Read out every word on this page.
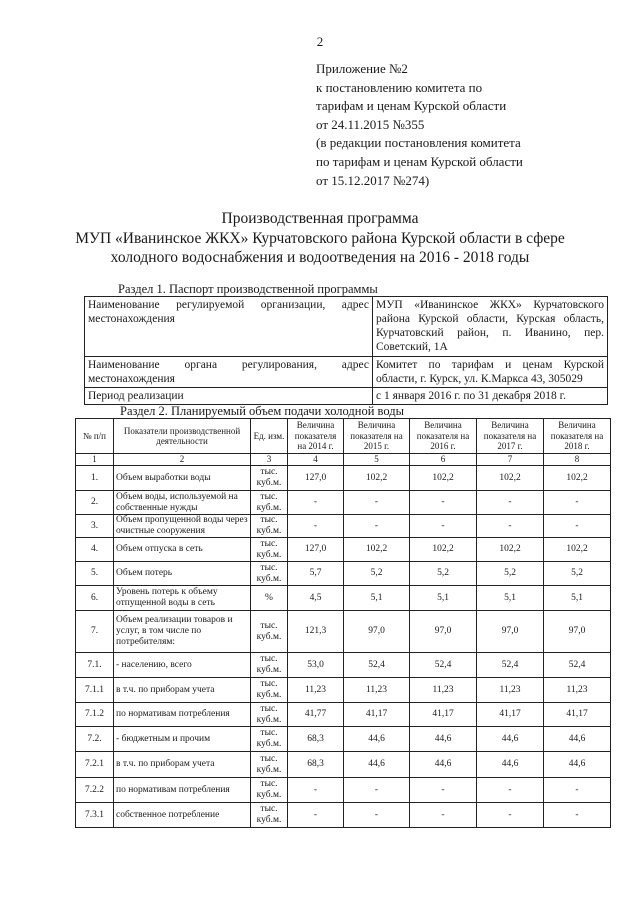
2
Приложение №2
к постановлению комитета по
тарифам и ценам Курской области
от 24.11.2015 №355
(в редакции постановления комитета
по тарифам и ценам Курской области
от 15.12.2017 №274)
Производственная программа
МУП «Иванинское ЖКХ» Курчатовского района Курской области в сфере
холодного водоснабжения и водоотведения на 2016 - 2018 годы
Раздел 1. Паспорт производственной программы
Наименование регулируемой организации, адрес
местонахождения	МУП «Иванинское ЖКХ» Курчатовского района Курской области, Курская область, Курчатовский район, п. Иванино, пер. Советский, 1А
Наименование органа регулирования, адрес
местонахождения	Комитет по тарифам и ценам Курской области, г. Курск, ул. К.Маркса 43, 305029
Период реализации	с 1 января 2016 г. по 31 декабря 2018 г.
Раздел 2. Планируемый объем подачи холодной воды
№ п/п	Показатели производственной деятельности	Ед. изм.	Величина показателя на 2014 г.	Величина показателя на 2015 г.	Величина показателя на 2016 г.	Величина показателя на 2017 г.	Величина показателя на 2018 г.
1	2	3	4	5	6	7	8
1.	Объем выработки воды	тыс. куб.м.	127,0	102,2	102,2	102,2	102,2
2.	Объем воды, используемой на собственные нужды	тыс. куб.м.	-	-	-	-	-
3.	Объем пропущенной воды через очистные сооружения	тыс. куб.м.	-	-	-	-	-
4.	Объем отпуска в сеть	тыс. куб.м.	127,0	102,2	102,2	102,2	102,2
5.	Объем потерь	тыс. куб.м.	5,7	5,2	5,2	5,2	5,2
6.	Уровень потерь к объему отпущенной воды в сеть	%	4,5	5,1	5,1	5,1	5,1
7.	Объем реализации товаров и услуг, в том числе по потребителям:	тыс. куб.м.	121,3	97,0	97,0	97,0	97,0
7.1.	- населению, всего	тыс. куб.м.	53,0	52,4	52,4	52,4	52,4
7.1.1	в т.ч. по приборам учета	тыс. куб.м.	11,23	11,23	11,23	11,23	11,23
7.1.2	по нормативам потребления	тыс. куб.м.	41,77	41,17	41,17	41,17	41,17
7.2.	- бюджетным и прочим	тыс. куб.м.	68,3	44,6	44,6	44,6	44,6
7.2.1	в т.ч. по приборам учета	тыс. куб.м.	68,3	44,6	44,6	44,6	44,6
7.2.2	по нормативам потребления	тыс. куб.м.	-	-	-	-	-
7.3.1	собственное потребление	тыс. куб.м.	-	-	-	-	-
